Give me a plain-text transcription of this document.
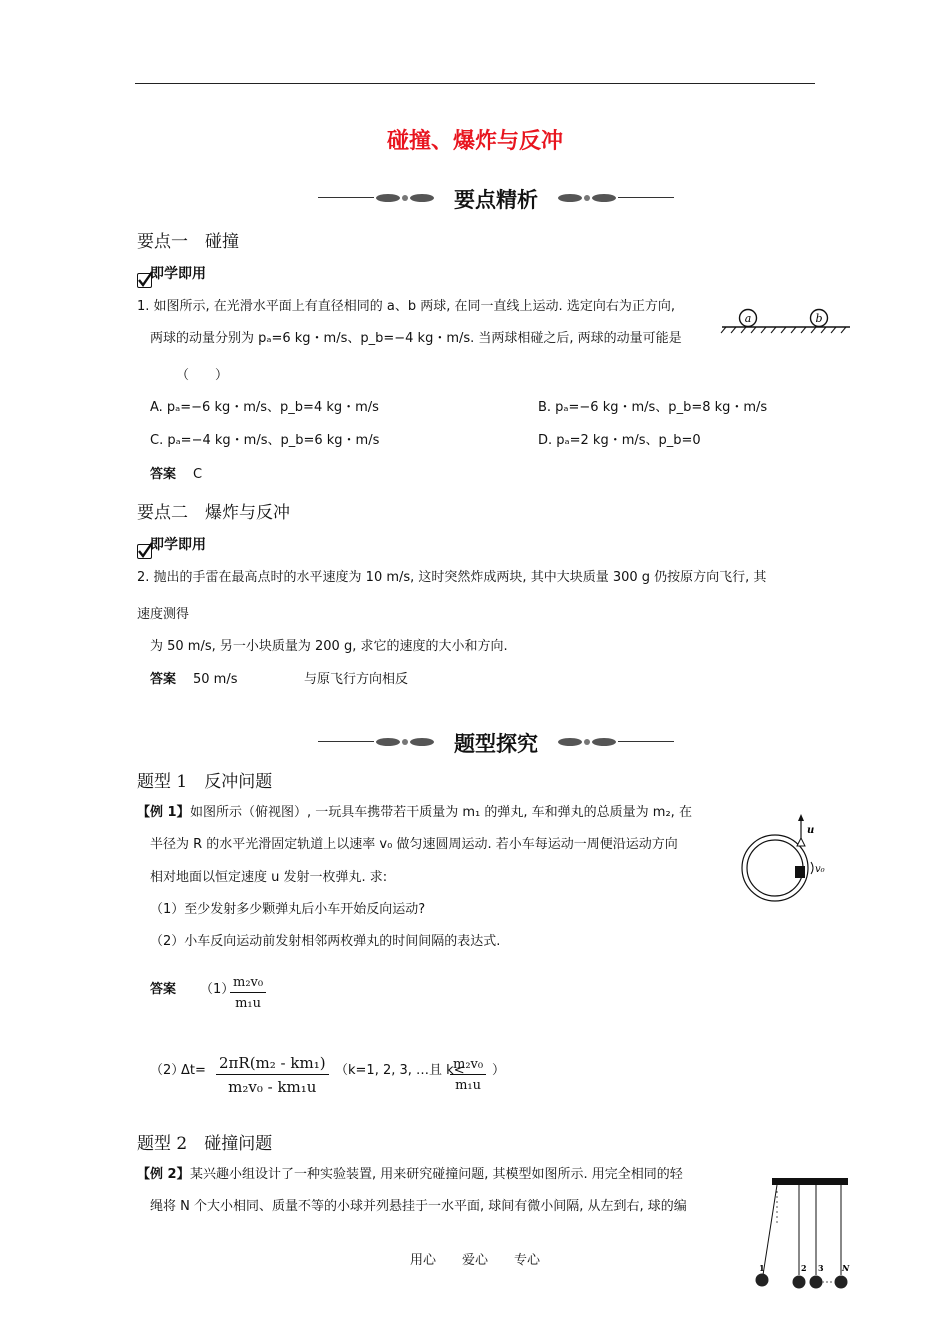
碰撞、爆炸与反冲
要点精析
要点一　碰撞
即学即用
1. 如图所示, 在光滑水平面上有直径相同的 a、b 两球, 在同一直线上运动. 选定向右为正方向,
两球的动量分别为 pₐ=6 kg・m/s、p_b=−4 kg・m/s. 当两球相碰之后, 两球的动量可能是
（　　）
a	b
A. pₐ=−6 kg・m/s、p_b=4 kg・m/s	B. pₐ=−6 kg・m/s、p_b=8 kg・m/s
C. pₐ=−4 kg・m/s、p_b=6 kg・m/s	D. pₐ=2 kg・m/s、p_b=0
答案 C
要点二　爆炸与反冲
即学即用
2. 抛出的手雷在最高点时的水平速度为 10 m/s, 这时突然炸成两块, 其中大块质量 300 g 仍按原方向飞行, 其
速度测得
为 50 m/s, 另一小块质量为 200 g, 求它的速度的大小和方向.
答案 50 m/s	与原飞行方向相反
题型探究
题型 1　反冲问题
【例 1】 如图所示（俯视图）, 一玩具车携带若干质量为 m₁ 的弹丸, 车和弹丸的总质量为 m₂, 在
半径为 R 的水平光滑固定轨道上以速率 v₀ 做匀速圆周运动. 若小车每运动一周便沿运动方向
相对地面以恒定速度 u 发射一枚弹丸. 求:
（1）至少发射多少颗弹丸后小车开始反向运动?
（2）小车反向运动前发射相邻两枚弹丸的时间间隔的表达式.
u
v₀
答案 （1）
$\frac{\text{m₂v₀}}{\text{m₁u}}$
（2）
$\Delta t= \frac{\text{2πR(m₂ - km₁)}}{\text{m₂v₀ - km₁u}} (k=1$, 2, 3, …且 k<
$\frac{\text{m₂v₀}}{\text{m₁u}}$ ）
题型 2　碰撞问题
【例 2】 某兴趣小组设计了一种实验装置, 用来研究碰撞问题, 其模型如图所示. 用完全相同的轻
绳将 N 个大小相同、质量不等的小球并列悬挂于一水平面, 球间有微小间隔, 从左到右, 球的编
1	2 3 N
用心　　爱心　　专心
